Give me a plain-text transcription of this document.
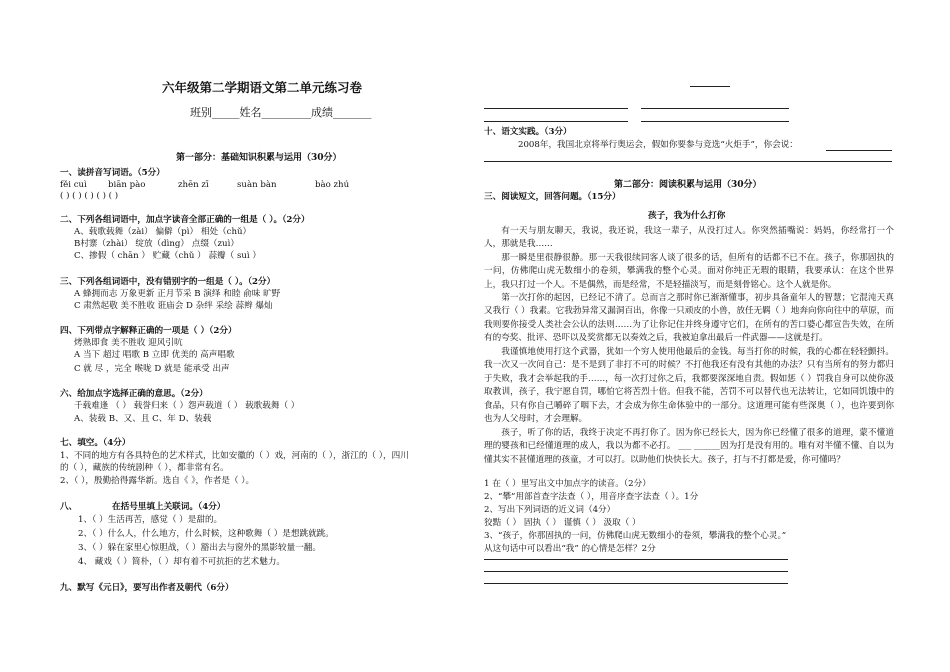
六年级第二学期语文第二单元练习卷
班别_____姓名_________成绩_______
第一部分：基础知识积累与运用（30分）
一、读拼音写词语。（5分）
fěi cuì biān pào	zhēn zī	suàn bàn	bào zhú
( ) ( ) ( ) ( ) ( )
二、下列各组词语中，加点字读音全部正确的一组是（ ）。（2分）
A、载歌载舞（zài） 偏僻（pì） 相处（chǔ）
B村寨（zhài） 绽放（dìng） 点缀（zuì）
C、掺假（ chān ） 贮藏（chǔ ） 蒜瓣（ suì ）
三、下列各组词语中，没有错别字的一组是（ ）。（2分）
A 蜂拥而志 万象更新 正月节采 B 演绎 和睦 俞味 旷野
C 肃然起敬 美不胜收 诳庙会 D 杂绊 采绘 蒜辫 爆灿
四、下列带点字解释正确的一项是（ ）（2分）
烤熟即食 美不胜收 迎风引吭
A 当下 超过 唱歌 B 立即 优美的 高声唱歌
C 就 尽 ，完全 喉咙 D 就是 能承受 出声
六、给加点字选择正确的意思。（2分）
千载难逢 （ ） 载誉归来（ ）怨声载道（ ） 载歌载舞（ ）
A、装载 B、又、且 C、年 D、装载
七、填空。（4分）
1、不同的地方有各具特色的艺术样式，比如安徽的（ ）戏，河南的（ ），浙江的（ ），四川
的（ ），藏族的传统剧种（ ），都非常有名。
2、（ ），殷勤拾得露华新。选自《 》，作者是（ ）。
八、	在括号里填上关联词。（4分）
1、（ ）生活再苦，感觉（ ）是甜的。
2、（ ）什么人，什么地方，什么时候，这种歌舞（ ）是想跳就跳。
3、（ ）躲在家里心惊胆战，（ ）豁出去与窗外的黑影较量一翻。
4、 藏戏（ ）简朴，（ ）却有着不可抗拒的艺术魅力。
九、默写《元日》，要写出作者及朝代（6分）
十、语文实践。（3分）
2008年，我国北京将举行奥运会，假如你要参与竞选“火炬手”，你会说：
第二部分：阅读积累与运用（30分）
三、阅读短文，回答问题。（15分）
孩子，我为什么打你
有一天与朋友聊天，我说，我还说，我这一辈子，从没打过人。你突然插嘴说：妈妈，你经常打一个人，那就是我……
那一瞬是里很静很静。那一天我很续同客人谈了很多的话，但所有的话都不已不在。孩子，你那固执的一问，仿佛爬山虎无数细小的卷须，攀满我的整个心灵。面对你纯正无瑕的眼睛，我要承认：在这个世界上，我只打过一个人。不是偶然，而是经常，不是轻描淡写，而是刻骨铭心。这个人就是你。
第一次打你的起因，已经记不清了。总而言之那时你已渐渐懂事，初步具备童年人的智慧；它混沌天真又我行（ ）我素。它我勃异常又漏洞百出，你像一只顽皮的小兽，放任无羁（ ）地奔向你向往中的草原，而我则要你接受人类社会公认的法则……为了让你记住并终身遵守它们，在所有的苦口婆心都宣告失效，在所有的夸奖、批评、恐吓以及奖赏都无以奏效之后，我被迫拿出最后一件武器——这就是打。
我谨慎地使用打这个武器，犹如一个穷人使用他最后的金钱。每当打你的时候，我的心都在轻轻颤抖。我一次又一次问自己：是不是到了非打不可的时候？不打他我还有没有其他的办法？只有当所有的努力都归于失败，我才会举起我的手……，每一次打过你之后，我都要深深地自责。假如惩（ ）罚我自身可以使你汲取教训，孩子，我宁愿自罚，哪怕它将苦烈十倍。但我不能，苦罚不可以替代也无法转让，它如同饥饿中的食品，只有你自己嚼碎了咽下去，才会成为你生命体验中的一部分。这道理可能有些深奥（ ），也许要到你也为人父母时，才会理解。
孩子，听了你的话，我终于决定不再打你了。因为你已经长大，因为你已经懂了很多的道理，蒙不懂道理的婴孩和已经懂道理的成人，我以为都不必打。 ___ ______因为打是没有用的。唯有对半懂不懂、自以为懂其实不甚懂道理的孩童，才可以打。以助他们快快长大。孩子，打与不打都是爱，你可懂吗？
1 在（ ）里写出文中加点字的读音。（2分）
2、“攀”用部首查字法查（ ），用音序查字法查（ ）。1分
2、写出下列词语的近义词（4分）
狡黠（ ） 固执（ ） 谨慎（ ） 汲取（ ）
3、“孩子，你那固执的一问，仿佛爬山虎无数细小的卷须，攀满我的整个心灵。”
从这句话中可以看出“我” 的心情是怎样？2分
